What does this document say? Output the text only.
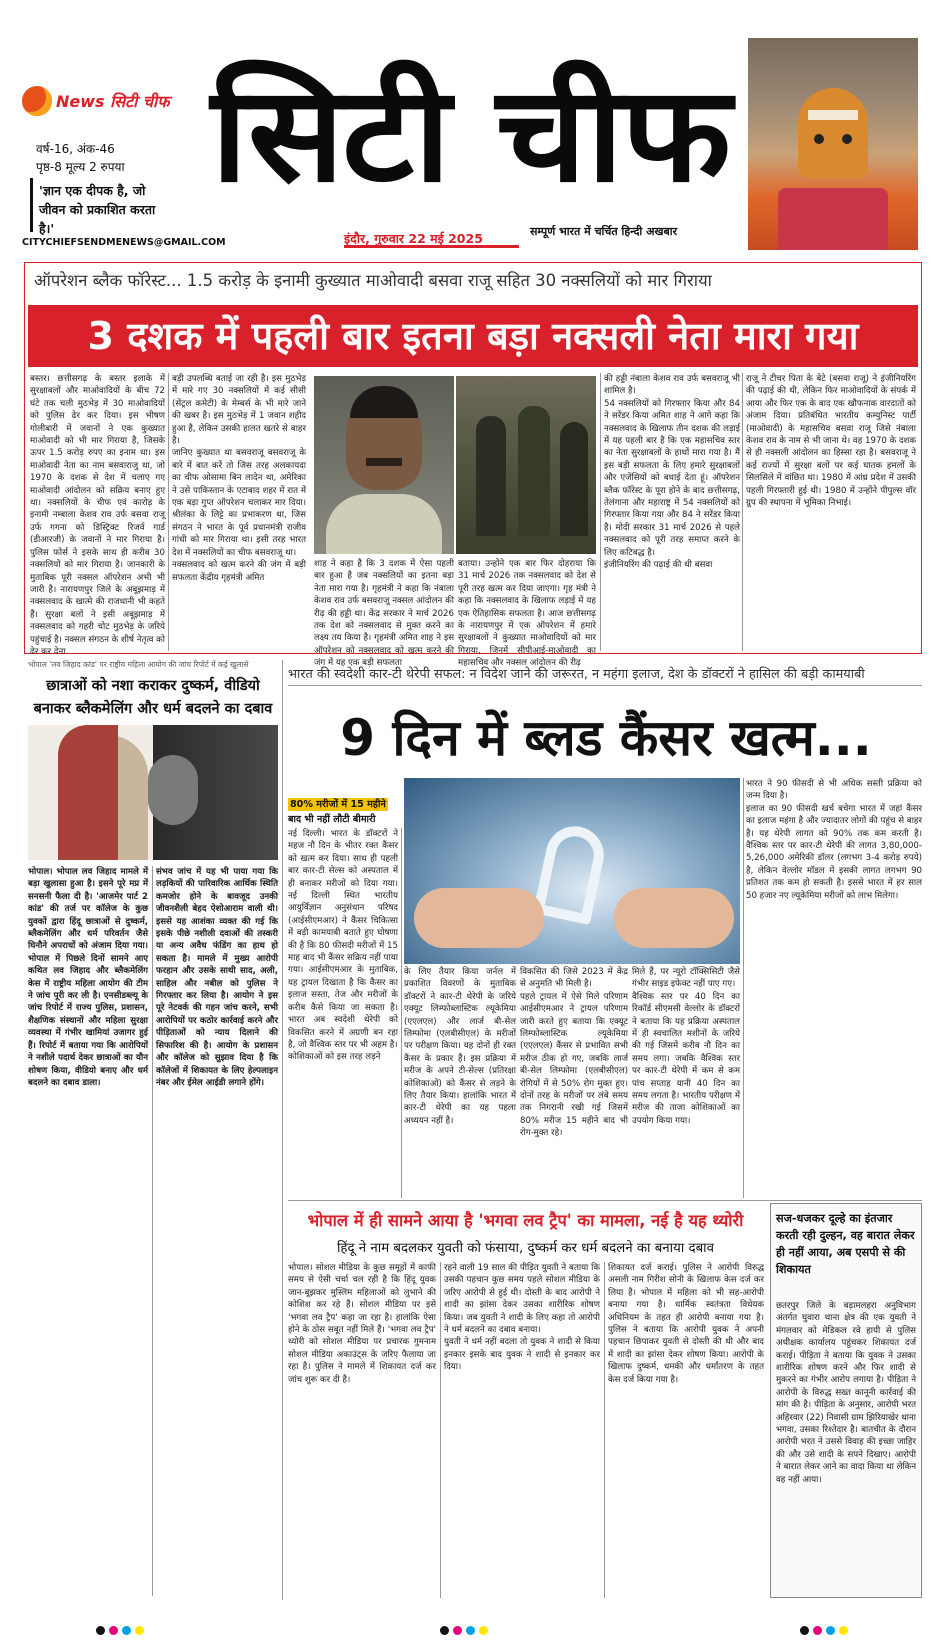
News सिटी चीफ
वर्ष-16, अंक-46
पृष्ठ-8 मूल्य 2 रुपया
'ज्ञान एक दीपक है, जो जीवन को प्रकाशित करता है।'
CITYCHIEFSENDMENEWS@GMAIL.COM
सिटी चीफ
इंदौर, गुरुवार 22 मई 2025	सम्पूर्ण भारत में चर्चित हिन्दी अखबार
ऑपरेशन ब्लैक फॉरेस्ट... 1.5 करोड़ के इनामी कुख्यात माओवादी बसवा राजू सहित 30 नक्सलियों को मार गिराया
3 दशक में पहली बार इतना बड़ा नक्सली नेता मारा गया
बस्तर। छत्तीसगढ़ के बस्तर इलाके में सुरक्षाबलों और माओवादियों के बीच 72 घंटे तक चली मुठभेड़ में 30 माओवादियों को पुलिस ढेर कर दिया। इस भीषण गोलीबारी में जवानों ने एक कुख्यात माओवादी को भी मार गिराया है, जिसके ऊपर 1.5 करोड़ रुपए का इनाम था। इस माओवादी नेता का नाम बसवाराजु था, जो 1970 के दशक से देश में चलाए गए माओवादी आंदोलन को सक्रिय बनाए हुए था। नक्सलियों के चीफ एवं कारोड़ के इनामी नम्बाला केशव राव उर्फ बसवा राजू उर्फ गगना को डिस्ट्रिक्ट रिजर्व गार्ड (डीआरजी) के जवानों ने मार गिराया है। पुलिस फोर्स ने इसके साथ ही करीब 30 नक्सलियों को मार गिराया है। जानकारी के मुताबिक पूरी नक्सल ऑपरेशन अभी भी जारी है। नारायणपुर जिले के अबूझमाड़ में नक्सलवाद के खात्मे की राजधानी भी कहते हैं। सुरक्षा बलों ने इसी अबूझमाड़ में नक्सलवाद को गहरी चोट मुठभेड़ के जरिये पहुंचाई है। नक्सल संगठन के शीर्ष नेतृत्व को ढेर कर देना
बड़ी उपलब्धि बताई जा रही है। इस मुठभेड़ में मारे गए 30 नक्सलियों में कई सीसी (सेंट्रल कमेटी) के मेम्बर्स के भी मारे जाने की खबर है। इस मुठभेड़ में 1 जवान शहीद हुआ है, लेकिन उसकी हालत खतरे से बाहर है।
जानिए कुख्यात था बसवराजू बसवराजू के बारे में बात करें तो जिस तरह अलकायदा का चीफ ओसामा बिन लादेन था, अमेरिका ने उसे पाकिस्तान के एटाबाद शहर में रात में एक बड़ा गुप्त ऑपरेशन चलाकर मार दिया। श्रीलंका के लिट्टे का प्रभाकरण था, जिस संगठन ने भारत के पूर्व प्रधानमंत्री राजीव गांधी को मार गिराया था। इसी तरह भारत देश में नक्सलियों का चीफ बसवराजू था।
नक्सलवाद को खत्म करने की जंग में बड़ी सफलता केंद्रीय गृहमंत्री अमित
शाह ने कहा है कि 3 दशक में ऐसा पहली बार हुआ है जब नक्सलियों का इतना बड़ा नेता मारा गया है। गृहमंत्री ने कहा कि नंबाला केशव राव उर्फ बसवराजू नक्सल आंदोलन की रीढ़ की हड्डी था। केंद्र सरकार ने मार्च 2026 तक देश को नक्सलवाद से मुक्त करने का लक्ष्य तय किया है। गृहमंत्री अमित शाह ने इस ऑपरेशन को नक्सलवाद को खत्म करने की जंग में यह एक बड़ी सफलता
बताया। उन्होंने एक बार फिर दोहराया कि 31 मार्च 2026 तक नक्सलवाद को देश से पूरी तरह खत्म कर दिया जाएगा। गृह मंत्री ने कहा कि नक्सलवाद के खिलाफ लड़ाई में यह एक ऐतिहासिक सफलता है। आज छत्तीसगढ़ के नारायणपुर में एक ऑपरेशन में हमारे सुरक्षाबलों ने कुख्यात माओवादियों को मार गिराया, जिनमें सीपीआई-माओवादी का महासचिव और नक्सल आंदोलन की रीढ़
की हड्डी नंबाला केशव राव उर्फ बसवराजू भी शामिल है।
54 नक्सलियों को गिरफ्तार किया और 84 ने सरेंडर किया अमित शाह ने आगे कहा कि नक्सलवाद के खिलाफ तीन दशक की लड़ाई में यह पहली बार है कि एक महासचिव स्तर का नेता सुरक्षाबलों के हाथों मारा गया है। मैं इस बड़ी सफलता के लिए हमारे सुरक्षाबलों और एजेंसियों को बधाई देता हूं। ऑपरेशन ब्लैक फॉरेस्ट के पूरा होने के बाद छत्तीसगढ़, तेलंगाना और महाराष्ट्र में 54 नक्सलियों को गिरफ्तार किया गया और 84 ने सरेंडर किया है। मोदी सरकार 31 मार्च 2026 से पहले नक्सलवाद को पूरी तरह समाप्त करने के लिए कटिबद्ध है।
इंजीनियरिंग की पढ़ाई की थी बसवा
राजू ने टीचर पिता के बेटे (बसवा राजू) ने इंजीनियरिंग की पढ़ाई की थी, लेकिन फिर माओवादियों के संपर्क में आया और फिर एक के बाद एक खौफनाक वारदातों को अंजाम दिया। प्रतिबंधित भारतीय कम्युनिस्ट पार्टी (माओवादी) के महासचिव बसवा राजू जिसे नंबाला केशव राव के नाम से भी जाना थे। वह 1970 के दशक से ही नक्सली आंदोलन का हिस्सा रहा है। बसवराजू ने कई राज्यों में सुरक्षा बलों पर कई घातक हमलों के सिलसिले में वांछित था। 1980 में आंध्र प्रदेश में उसकी पहली गिरफ्तारी हुई थी। 1980 में उन्होंने पीपुल्स वॉर ग्रुप की स्थापना में भूमिका निभाई।
भोपाल 'लव जिहाद कांड' पर राष्ट्रीय महिला आयोग की जांच रिपोर्ट में कई खुलासे
छात्राओं को नशा कराकर दुष्कर्म, वीडियो बनाकर ब्लैकमेलिंग और धर्म बदलने का दबाव
भोपाल। भोपाल लव जिहाद मामले में बड़ा खुलासा हुआ है। इसने पूरे मप्र में सनसनी फैला दी है। 'आजमेर पार्ट 2 कांड' की तर्ज पर कॉलेज के कुछ युवकों द्वारा हिंदू छात्राओं से दुष्कर्म, ब्लैकमेलिंग और धर्म परिवर्तन जैसे घिनौने अपराधों को अंजाम दिया गया। भोपाल में पिछले दिनों सामने आए कथित लव जिहाद और ब्लैकमेलिंग केस में राष्ट्रीय महिला आयोग की टीम ने जांच पूरी कर ली है। एनसीडब्ल्यू के जांच रिपोर्ट में राज्य पुलिस, प्रशासन, शैक्षणिक संस्थानों और महिला सुरक्षा व्यवस्था में गंभीर खामियां उजागर हुई हैं। रिपोर्ट में बताया गया कि आरोपियों ने नशीले पदार्थ देकर छात्राओं का यौन शोषण किया, वीडियो बनाए और धर्म बदलने का दबाव डाला।
संभव जांच में यह भी पाया गया कि लड़कियों की पारिवारिक आर्थिक स्थिति कमजोर होने के बावजूद उनकी जीवनशैली बेहद ऐशोआराम वाली थी। इससे यह आशंका व्यक्त की गई कि इसके पीछे नशीली दवाओं की तस्करी या अन्य अवैध फंडिंग का हाथ हो सकता है। मामले में मुख्य आरोपी फरहान और उसके साथी साद, अली, साहिल और नबील को पुलिस ने गिरफ्तार कर लिया है। आयोग ने इस पूरे नेटवर्क की गहन जांच करने, सभी आरोपियों पर कठोर कार्रवाई करने और पीड़िताओं को न्याय दिलाने की सिफारिश की है। आयोग के प्रशासन और कॉलेज को सुझाव दिया है कि कॉलेजों में शिकायत के लिए हेल्पलाइन नंबर और ईमेल आईडी लगाने होंगे।
भारत की स्वदेशी कार-टी थेरेपी सफल: न विदेश जाने की जरूरत, न महंगा इलाज, देश के डॉक्टरों ने हासिल की बड़ी कामयाबी
9 दिन में ब्लड कैंसर खत्म...
80% मरीजों में 15 महीने
बाद भी नहीं लौटी बीमारी
नई दिल्ली। भारत के डॉक्टरों ने महज नौ दिन के भीतर रक्त कैंसर को खत्म कर दिया। साथ ही पहली बार कार-टी सेल्स को अस्पताल में ही बनाकर मरीजों को दिया गया। नई दिल्ली स्थित भारतीय आयुर्विज्ञान अनुसंधान परिषद (आईसीएमआर) ने कैंसर चिकित्सा में बड़ी कामयाबी बताते हुए घोषणा की है कि 80 फीसदी मरीजों में 15 माह बाद भी कैंसर सक्रिय नहीं पाया गया। आईसीएमआर के मुताबिक, यह ट्रायल दिखाता है कि कैंसर का इलाज सस्ता, तेज और मरीजों के करीब कैसे किया जा सकता है। भारत अब स्वदेशी थेरेपी को विकसित करने में अग्रणी बन रहा है, जो वैश्विक स्तर पर भी अहम है।
कोशिकाओं को इस तरह लड़ने
के लिए तैयार किया जर्नल में प्रकाशित विवरणों के मुताबिक डॉक्टरों ने कार-टी थेरेपी के जरिये एक्यूट लिम्फोब्लास्टिक ल्यूकेमिया (एएलएल) और लार्ज बी-सेल लिम्फोमा (एलबीसीएल) के मरीजों पर परीक्षण किया। यह दोनों ही रक्त कैंसर के प्रकार हैं। इस प्रक्रिया में मरीज के अपने टी-सेल्स (प्रतिरक्षा कोशिकाओं) को कैंसर से लड़ने के लिए तैयार किया। हालांकि भारत में कार-टी थेरेपी का यह पहला अध्ययन नहीं है।
विकसित की जिसे 2023 में केंद्र से अनुमति भी मिली है।
पहले ट्रायल में ऐसे मिले परिणाम आईसीएमआर ने ट्रायल परिणाम जारी करते हुए बताया कि एक्यूट लिम्फोब्लास्टिक ल्यूकेमिया (एएलएल) कैंसर से प्रभावित सभी मरीज ठीक हो गए, जबकि लार्ज बी-सेल लिम्फोमा (एलबीसीएल) रोगियों में से 50% रोग मुक्त हुए। दोनों तरह के मरीजों पर लंबे समय तक निगरानी रखी गई जिसमें 80% मरीज 15 महीने बाद भी रोग-मुक्त रहे।
मिले हैं, पर न्यूरो टॉक्सिसिटी जैसे गंभीर साइड इफेक्ट नहीं पाए गए।
वैश्विक स्तर पर 40 दिन का रिकॉर्ड सीएमसी वेल्लोर के डॉक्टरों ने बताया कि यह प्रक्रिया अस्पताल में ही स्वचालित मशीनों के जरिये की गई जिसमें करीब नौ दिन का समय लगा। जबकि वैश्विक स्तर पर कार-टी थेरेपी में कम से कम पांच सप्ताह यानी 40 दिन का समय लगता है। भारतीय परीक्षण में मरीज की ताजा कोशिकाओं का उपयोग किया गया।
भारत ने 90 फीसदी से भी अधिक सस्ती प्रक्रिया को जन्म दिया है।
इलाज का 90 फीसदी खर्च बचेगा भारत में जहां कैंसर का इलाज महंगा है और ज्यादातर लोगों की पहुंच से बाहर है। यह थेरेपी लागत को 90% तक कम करती है। वैश्विक स्तर पर कार-टी थेरेपी की लागत 3,80,000-5,26,000 अमेरिकी डॉलर (लगभग 3-4 करोड़ रुपये) है, लेकिन वेल्लोर मॉडल में इसकी लागत लगभग 90 प्रतिशत तक कम हो सकती है। इससे भारत में हर साल 50 हजार नए ल्यूकेमिया मरीजों को लाभ मिलेगा।
भोपाल में ही सामने आया है 'भगवा लव ट्रैप' का मामला, नई है यह थ्योरी
हिंदू ने नाम बदलकर युवती को फंसाया, दुष्कर्म कर धर्म बदलने का बनाया दबाव
भोपाल। सोशल मीडिया के कुछ समूहों में काफी समय से ऐसी चर्चा चल रही है कि हिंदू युवक जान-बूझकर मुस्लिम महिलाओं को लुभाने की कोशिश कर रहे हैं। सोशल मीडिया पर इसे 'भगवा लव ट्रैप' कहा जा रहा है। हालांकि ऐसा होने के ठोस सबूत नहीं मिले हैं। 'भगवा लव ट्रैप' थ्योरी को सोशल मीडिया पर प्रचारक गुमनाम सोशल मीडिया अकाउंट्स के जरिए फैलाया जा रहा है। पुलिस ने मामले में शिकायत दर्ज कर जांच शुरू कर दी है।
रहने वाली 19 साल की पीड़ित युवती ने बताया कि उसकी पहचान कुछ समय पहले सोशल मीडिया के जरिए आरोपी से हुई थी। दोस्ती के बाद आरोपी ने शादी का झांसा देकर उसका शारीरिक शोषण किया। जब युवती ने शादी के लिए कहा तो आरोपी ने धर्म बदलने का दबाव बनाया।
युवती ने धर्म नहीं बदला तो युवक ने शादी से किया इनकार इसके बाद युवक ने शादी से इनकार कर दिया।
शिकायत दर्ज कराई। पुलिस ने आरोपी विरुद्ध असली नाम गिरीश सोनी के खिलाफ केस दर्ज कर लिया है। भोपाल में महिला को भी सह-आरोपी बनाया गया है। धार्मिक स्वतंत्रता विधेयक अधिनियम के तहत ही आरोपी बनाया गया है। पुलिस ने बताया कि आरोपी युवक ने अपनी पहचान छिपाकर युवती से दोस्ती की थी और बाद में शादी का झांसा देकर शोषण किया। आरोपी के खिलाफ दुष्कर्म, धमकी और धर्मांतरण के तहत केस दर्ज किया गया है।
सज-धजकर दूल्हे का इंतजार करती रही दुल्हन, वह बारात लेकर ही नहीं आया, अब एसपी से की शिकायत
छतरपुर जिले के बड़ामलहरा अनुविभाग अंतर्गत घुवारा थाना क्षेत्र की एक युवती ने मंगलवार को मेडिकल रवे हायी से पुलिस अधीक्षक कार्यालय पहुंचकर शिकायत दर्ज कराई। पीड़िता ने बताया कि युवक ने उसका शारीरिक शोषण करने और फिर शादी से मुकरने का गंभीर आरोप लगाया है। पीड़िता ने आरोपी के विरुद्ध सख्त कानूनी कार्रवाई की मांग की है। पीड़िता के अनुसार, आरोपी भरत अहिरवार (22) निवासी ग्राम झिरियाखेर थाना भगवा, उसका रिश्तेदार है। बातचीत के दौरान आरोपी भरत ने उससे विवाह की इच्छा जाहिर की और उसे शादी के सपने दिखाए। आरोपी ने बारात लेकर आने का वादा किया था लेकिन वह नहीं आया।
